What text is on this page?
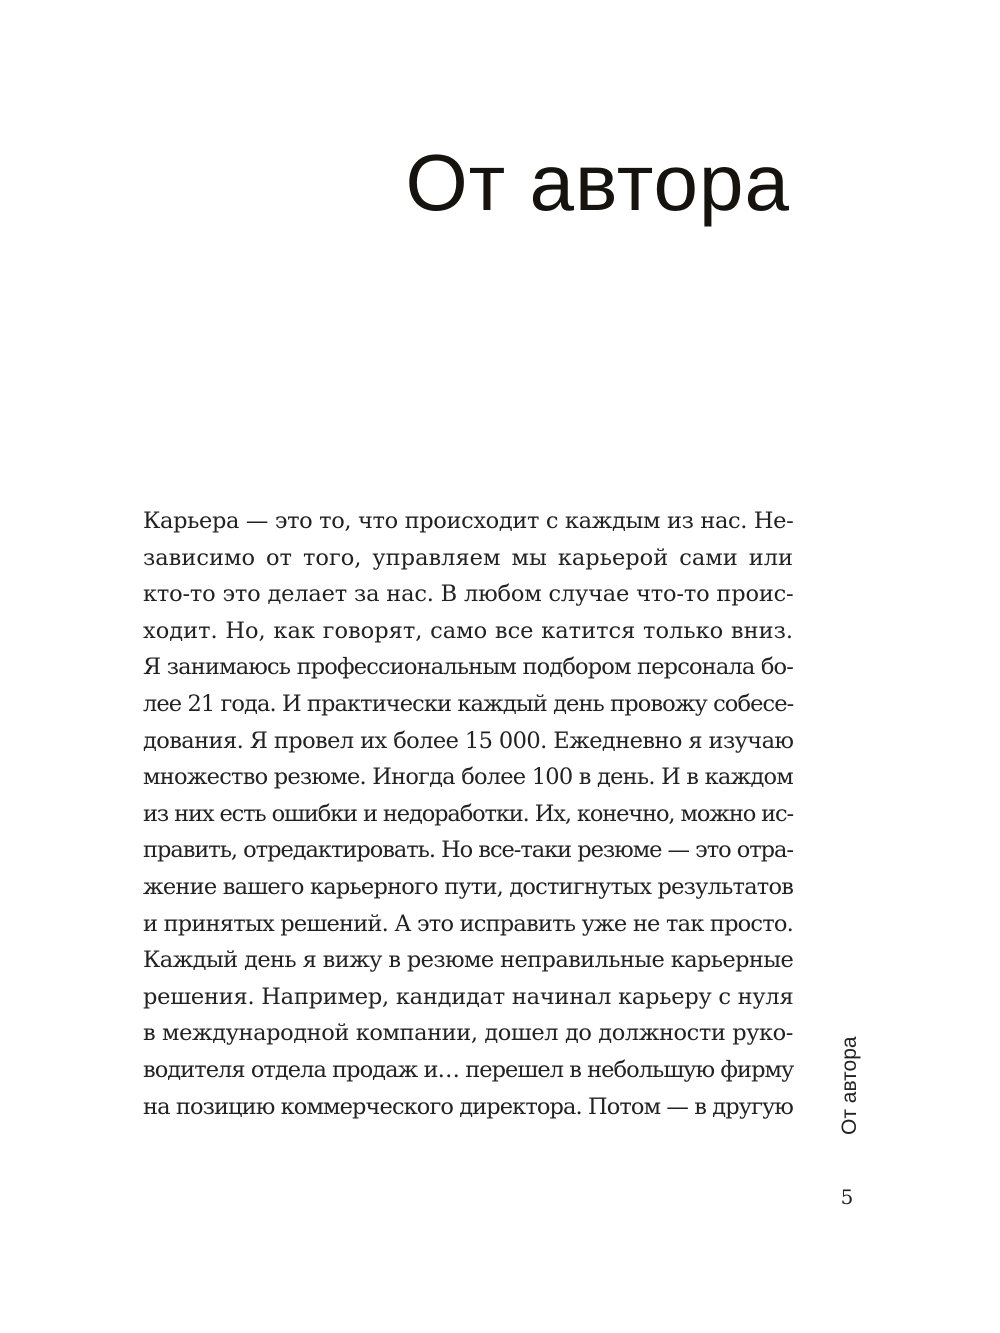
От автора
Карьера — это то, что происходит с каждым из нас. Не-
зависимо от того, управляем мы карьерой сами или
кто-то это делает за нас. В любом случае что-то проис-
ходит. Но, как говорят, само все катится только вниз.
Я занимаюсь профессиональным подбором персонала бо-
лее 21 года. И практически каждый день провожу собесе-
дования. Я провел их более 15 000. Ежедневно я изучаю
множество резюме. Иногда более 100 в день. И в каждом
из них есть ошибки и недоработки. Их, конечно, можно ис-
править, отредактировать. Но все-таки резюме — это отра-
жение вашего карьерного пути, достигнутых результатов
и принятых решений. А это исправить уже не так просто.
Каждый день я вижу в резюме неправильные карьерные
решения. Например, кандидат начинал карьеру с нуля
в международной компании, дошел до должности руко-
водителя отдела продаж и… перешел в небольшую фирму
на позицию коммерческого директора. Потом — в другую От автора
5
